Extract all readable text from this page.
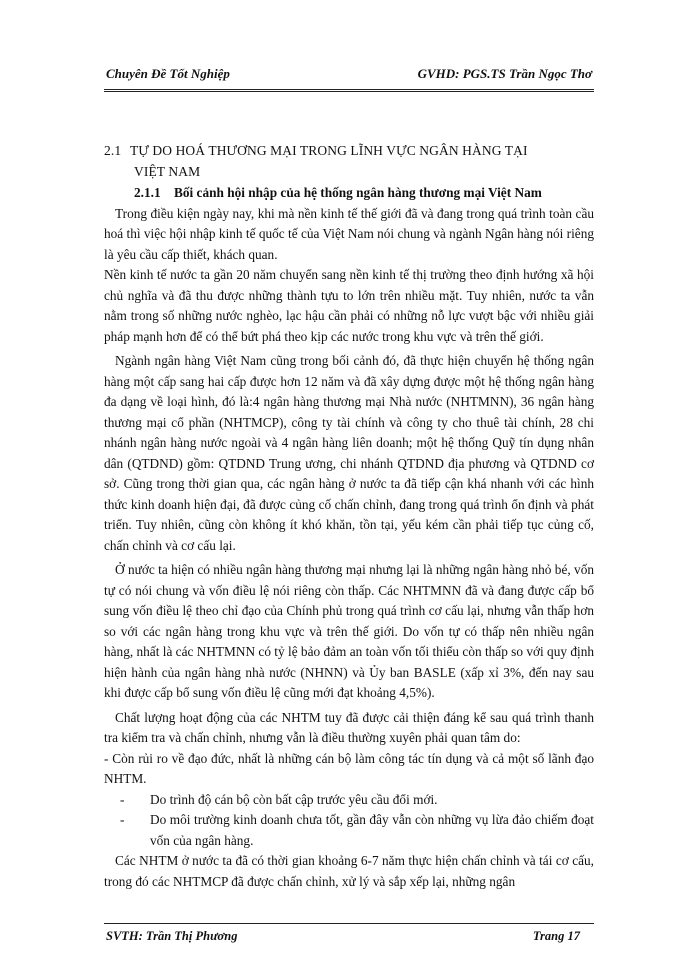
Chuyên Đề Tốt Nghiệp	GVHD: PGS.TS Trần Ngọc Thơ
2.1 TỰ DO HOÁ THƯƠNG MẠI TRONG LĨNH VỰC NGÂN HÀNG TẠI
VIỆT NAM
2.1.1 Bối cảnh hội nhập của hệ thống ngân hàng thương mại Việt Nam

Trong điều kiện ngày nay, khi mà nền kinh tế thế giới đã và đang trong quá trình toàn cầu hoá thì việc hội nhập kinh tế quốc tế của Việt Nam nói chung và ngành Ngân hàng nói riêng là yêu cầu cấp thiết, khách quan.

Nền kinh tế nước ta gần 20 năm chuyển sang nền kinh tế thị trường theo định hướng xã hội chủ nghĩa và đã thu được những thành tựu to lớn trên nhiều mặt. Tuy nhiên, nước ta vẫn nằm trong số những nước nghèo, lạc hậu cần phải có những nỗ lực vượt bậc với nhiều giải pháp mạnh hơn để có thể bứt phá theo kịp các nước trong khu vực và trên thế giới.

Ngành ngân hàng Việt Nam cũng trong bối cảnh đó, đã thực hiện chuyển hệ thống ngân hàng một cấp sang hai cấp được hơn 12 năm và đã xây dựng được một hệ thống ngân hàng đa dạng về loại hình, đó là:4 ngân hàng thương mại Nhà nước (NHTMNN), 36 ngân hàng thương mại cổ phần (NHTMCP), công ty tài chính và công ty cho thuê tài chính, 28 chi nhánh ngân hàng nước ngoài và 4 ngân hàng liên doanh; một hệ thống Quỹ tín dụng nhân dân (QTDND) gồm: QTDND Trung ương, chi nhánh QTDND địa phương và QTDND cơ sở. Cũng trong thời gian qua, các ngân hàng ở nước ta đã tiếp cận khá nhanh với các hình thức kinh doanh hiện đại, đã được củng cố chấn chỉnh, đang trong quá trình ổn định và phát triển. Tuy nhiên, cũng còn không ít khó khăn, tồn tại, yếu kém cần phải tiếp tục củng cố, chấn chỉnh và cơ cấu lại.

Ở nước ta hiện có nhiều ngân hàng thương mại nhưng lại là những ngân hàng nhỏ bé, vốn tự có nói chung và vốn điều lệ nói riêng còn thấp. Các NHTMNN đã và đang được cấp bổ sung vốn điều lệ theo chỉ đạo của Chính phủ trong quá trình cơ cấu lại, nhưng vẫn thấp hơn so với các ngân hàng trong khu vực và trên thế giới. Do vốn tự có thấp nên nhiều ngân hàng, nhất là các NHTMNN có tỷ lệ bảo đảm an toàn vốn tối thiểu còn thấp so với quy định hiện hành của ngân hàng nhà nước (NHNN) và Ủy ban BASLE (xấp xỉ 3%, đến nay sau khi được cấp bổ sung vốn điều lệ cũng mới đạt khoảng 4,5%).

Chất lượng hoạt động của các NHTM tuy đã được cải thiện đáng kể sau quá trình thanh tra kiểm tra và chấn chỉnh, nhưng vẫn là điều thường xuyên phải quan tâm do:

- Còn rủi ro về đạo đức, nhất là những cán bộ làm công tác tín dụng và cả một số lãnh đạo NHTM.

-	Do trình độ cán bộ còn bất cập trước yêu cầu đổi mới.
-	Do môi trường kinh doanh chưa tốt, gần đây vẫn còn những vụ lừa đảo chiếm đoạt vốn của ngân hàng.

Các NHTM ở nước ta đã có thời gian khoảng 6-7 năm thực hiện chấn chỉnh và tái cơ cấu, trong đó các NHTMCP đã được chấn chỉnh, xử lý và sắp xếp lại, những ngân

SVTH: Trần Thị Phương	Trang 17
